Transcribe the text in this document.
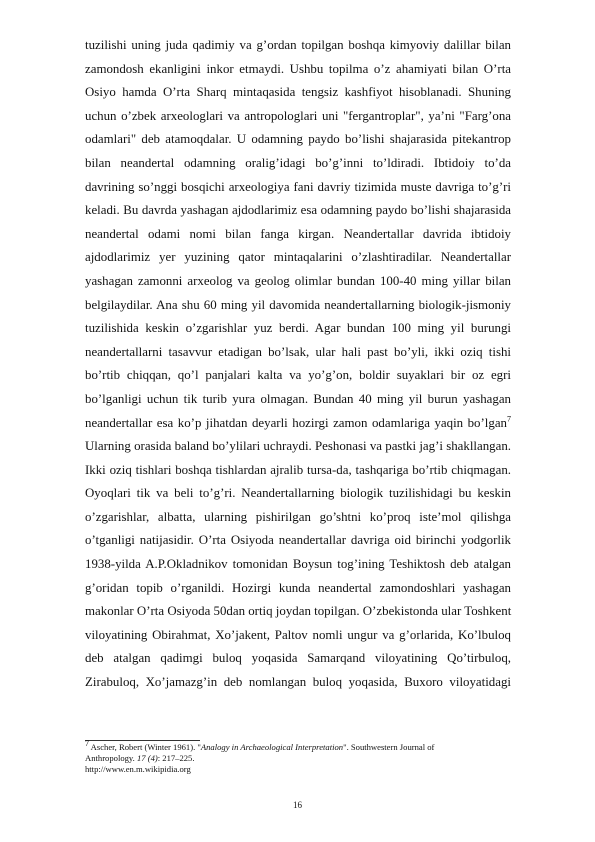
tuzilishi uning juda qadimiy va g’ordan topilgan boshqa kimyoviy dalillar bilan
zamondosh ekanligini inkor etmaydi. Ushbu topilma o’z ahamiyati bilan O’rta
Osiyo hamda O’rta Sharq mintaqasida tengsiz kashfiyot hisoblanadi. Shuning
uchun o’zbek arxeologlari va antropologlari uni "fergantroplar", ya’ni "Farg’ona
odamlari" deb atamoqdalar. U odamning paydo bo’lishi shajarasida pitekantrop
bilan neandertal odamning oralig’idagi bo’g’inni to’ldiradi. Ibtidoiy to’da
davrining so’nggi bosqichi arxeologiya fani davriy tizimida muste davriga to’g’ri
keladi. Bu davrda yashagan ajdodlarimiz esa odamning paydo bo’lishi shajarasida
neandertal odami nomi bilan fanga kirgan. Neandertallar davrida ibtidoiy
ajdodlarimiz yer yuzining qator mintaqalarini o’zlashtiradilar. Neandertallar
yashagan zamonni arxeolog va geolog olimlar bundan 100-40 ming yillar bilan
belgilaydilar. Ana shu 60 ming yil davomida neandertallarning biologik-jismoniy
tuzilishida keskin o’zgarishlar yuz berdi. Agar bundan 100 ming yil burungi
neandertallarni tasavvur etadigan bo’lsak, ular hali past bo’yli, ikki oziq tishi
bo’rtib chiqqan, qo’l panjalari kalta va yo’g’on, boldir suyaklari bir oz egri
bo’lganligi uchun tik turib yura olmagan. Bundan 40 ming yil burun yashagan
neandertallar esa ko’p jihatdan deyarli hozirgi zamon odamlariga yaqin bo’lgan$^7$
Ularning orasida baland bo’ylilari uchraydi. Peshonasi va pastki jag’i shakllangan.
Ikki oziq tishlari boshqa tishlardan ajralib tursa-da, tashqariga bo’rtib chiqmagan.
Oyoqlari tik va beli to’g’ri. Neandertallarning biologik tuzilishidagi bu keskin
o’zgarishlar, albatta, ularning pishirilgan go’shtni ko’proq iste’mol qilishga
o’tganligi natijasidir. O’rta Osiyoda neandertallar davriga oid birinchi yodgorlik
1938-yilda A.P.Okladnikov tomonidan Boysun tog’ining Teshiktosh deb atalgan
g’oridan topib o’rganildi. Hozirgi kunda neandertal zamondoshlari yashagan
makonlar O’rta Osiyoda 50dan ortiq joydan topilgan. O’zbekistonda ular Toshkent
viloyatining Obirahmat, Xo’jakent, Paltov nomli ungur va g’orlarida, Ko’lbuloq
deb atalgan qadimgi buloq yoqasida Samarqand viloyatining Qo’tirbuloq,
Zirabuloq, Xo’jamazg’in deb nomlangan buloq yoqasida, Buxoro viloyatidagi
$^7$ Ascher, Robert (Winter 1961). "Analogy in Archaeological Interpretation". Southwestern Journal of
Anthropology. 17 (4): 217–225.
http://www.en.m.wikipidia.org
16
